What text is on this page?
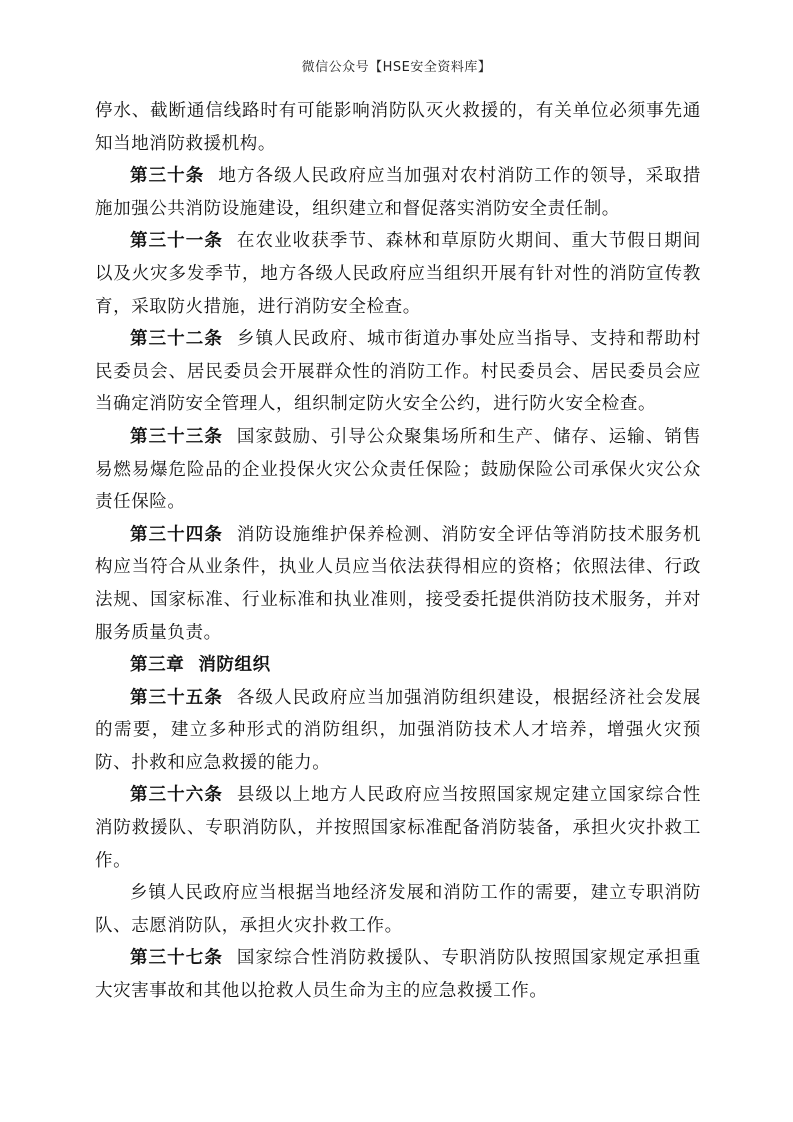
微信公众号【HSE安全资料库】

停水、截断通信线路时有可能影响消防队灭火救援的，有关单位必须事先通知当地消防救援机构。

第三十条 地方各级人民政府应当加强对农村消防工作的领导，采取措施加强公共消防设施建设，组织建立和督促落实消防安全责任制。

第三十一条 在农业收获季节、森林和草原防火期间、重大节假日期间以及火灾多发季节，地方各级人民政府应当组织开展有针对性的消防宣传教育，采取防火措施，进行消防安全检查。

第三十二条 乡镇人民政府、城市街道办事处应当指导、支持和帮助村民委员会、居民委员会开展群众性的消防工作。村民委员会、居民委员会应当确定消防安全管理人，组织制定防火安全公约，进行防火安全检查。

第三十三条 国家鼓励、引导公众聚集场所和生产、储存、运输、销售易燃易爆危险品的企业投保火灾公众责任保险；鼓励保险公司承保火灾公众责任保险。

第三十四条 消防设施维护保养检测、消防安全评估等消防技术服务机构应当符合从业条件，执业人员应当依法获得相应的资格；依照法律、行政法规、国家标准、行业标准和执业准则，接受委托提供消防技术服务，并对服务质量负责。

第三章 消防组织

第三十五条 各级人民政府应当加强消防组织建设，根据经济社会发展的需要，建立多种形式的消防组织，加强消防技术人才培养，增强火灾预防、扑救和应急救援的能力。

第三十六条 县级以上地方人民政府应当按照国家规定建立国家综合性消防救援队、专职消防队，并按照国家标准配备消防装备，承担火灾扑救工作。

乡镇人民政府应当根据当地经济发展和消防工作的需要，建立专职消防队、志愿消防队，承担火灾扑救工作。

第三十七条 国家综合性消防救援队、专职消防队按照国家规定承担重大灾害事故和其他以抢救人员生命为主的应急救援工作。
